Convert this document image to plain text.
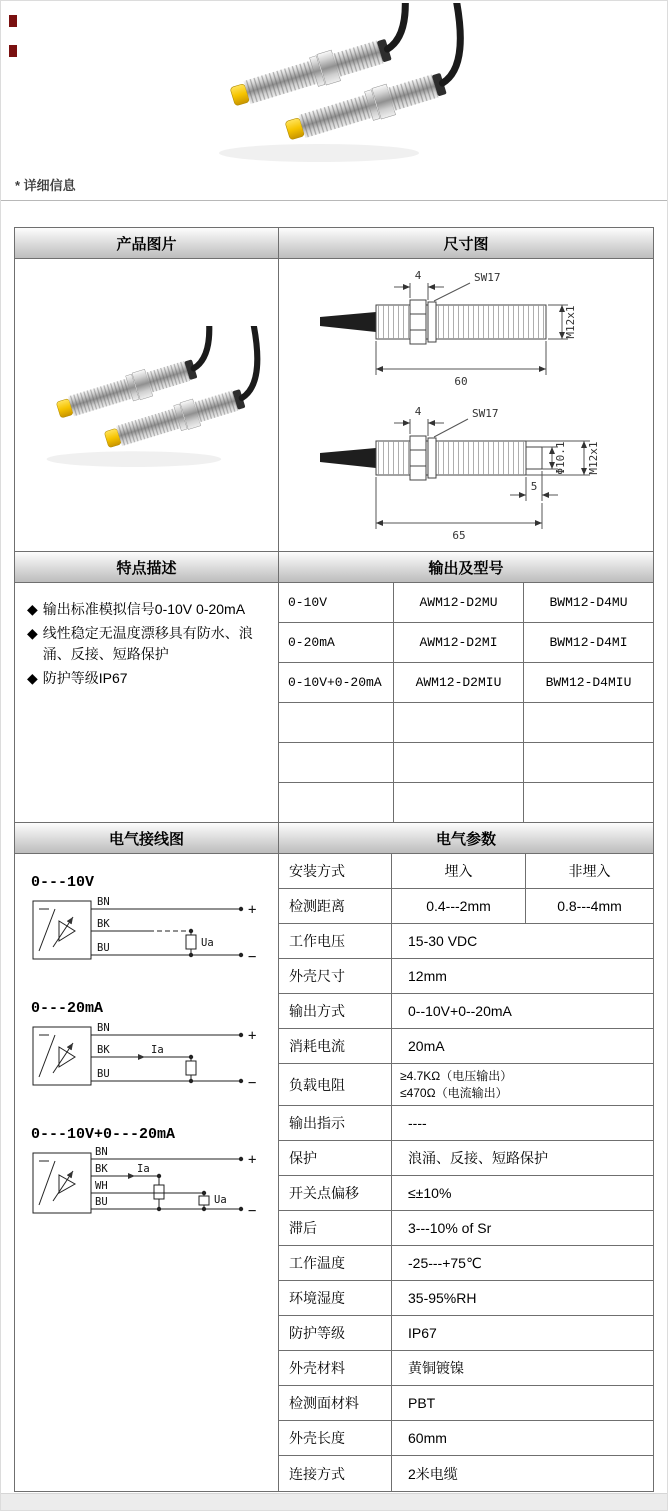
* 详细信息
产品图片	尺寸图
4	SW17
M12x1
60
4	SW17
Φ10.1 M12x1
5
65
特点描述	输出及型号
◆ 输出标准模拟信号0-10V 0-20mA
◆ 线性稳定无温度漂移具有防水、浪涌、反接、短路保护
◆ 防护等级IP67
0-10V	AWM12-D2MU	BWM12-D4MU
0-20mA	AWM12-D2MI	BWM12-D4MI
0-10V+0-20mA	AWM12-D2MIU	BWM12-D4MIU
电气接线图	电气参数
0---10V
BN	+
BK
Ua
BU
−
0---20mA
BN	+
Ia
BK
BU
−
0---10V+0---20mA
BN	+
Ia
BK
WH
Ua
BU
−
安装方式	埋入	非埋入
检测距离	0.4---2mm	0.8---4mm
工作电压	15-30 VDC
外壳尺寸	12mm
输出方式	0--10V+0--20mA
消耗电流	20mA
负载电阻
≥4.7KΩ（电压输出）
≤470Ω（电流输出）
输出指示	----
保护	浪涌、反接、短路保护
开关点偏移	≤±10%
滞后	3---10% of Sr
工作温度	-25---+75℃
环境湿度	35-95%RH
防护等级	IP67
外壳材料	黄铜镀镍
检测面材料	PBT
外壳长度	60mm
连接方式	2米电缆
